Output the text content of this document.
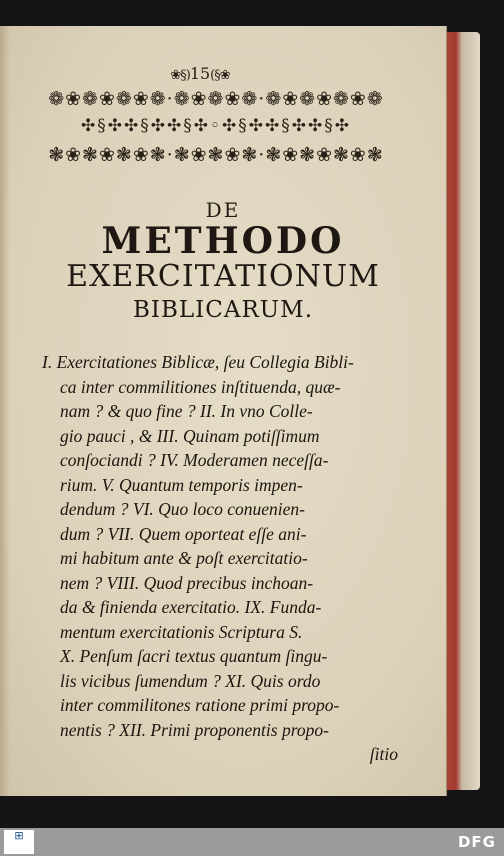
❀§)15(§❀
❁❀❁❀❁❀❁·❁❀❁❀❁·❁❀❁❀❁❀❁
✣§✣✣§✣✣§✣◦✣§✣✣§✣✣§✣
❃❀❃❀❃❀❃·❃❀❃❀❃·❃❀❃❀❃❀❃
DE
METHODO
EXERCITATIONUM
BIBLICARUM.
I. Exercitationes Biblicæ, ſeu Collegia Bibli-
ca inter commilitiones inſtituenda, quæ-
nam ? & quo fine ? II. In vno Colle-
gio pauci , & III. Quinam potiſſimum
conſociandi ? IV. Moderamen neceſſa-
rium. V. Quantum temporis impen-
dendum ? VI. Quo loco conuenien-
dum ? VII. Quem oporteat eſſe ani-
mi habitum ante & poſt exercitatio-
nem ? VIII. Quod precibus inchoan-
da & finienda exercitatio. IX. Funda-
mentum exercitationis Scriptura S.
X. Penſum ſacri textus quantum ſingu-
lis vicibus ſumendum ? XI. Quis ordo
inter commilitones ratione primi propo-
nentis ? XII. Primi proponentis propo-
ſitio
⊞	DFG
